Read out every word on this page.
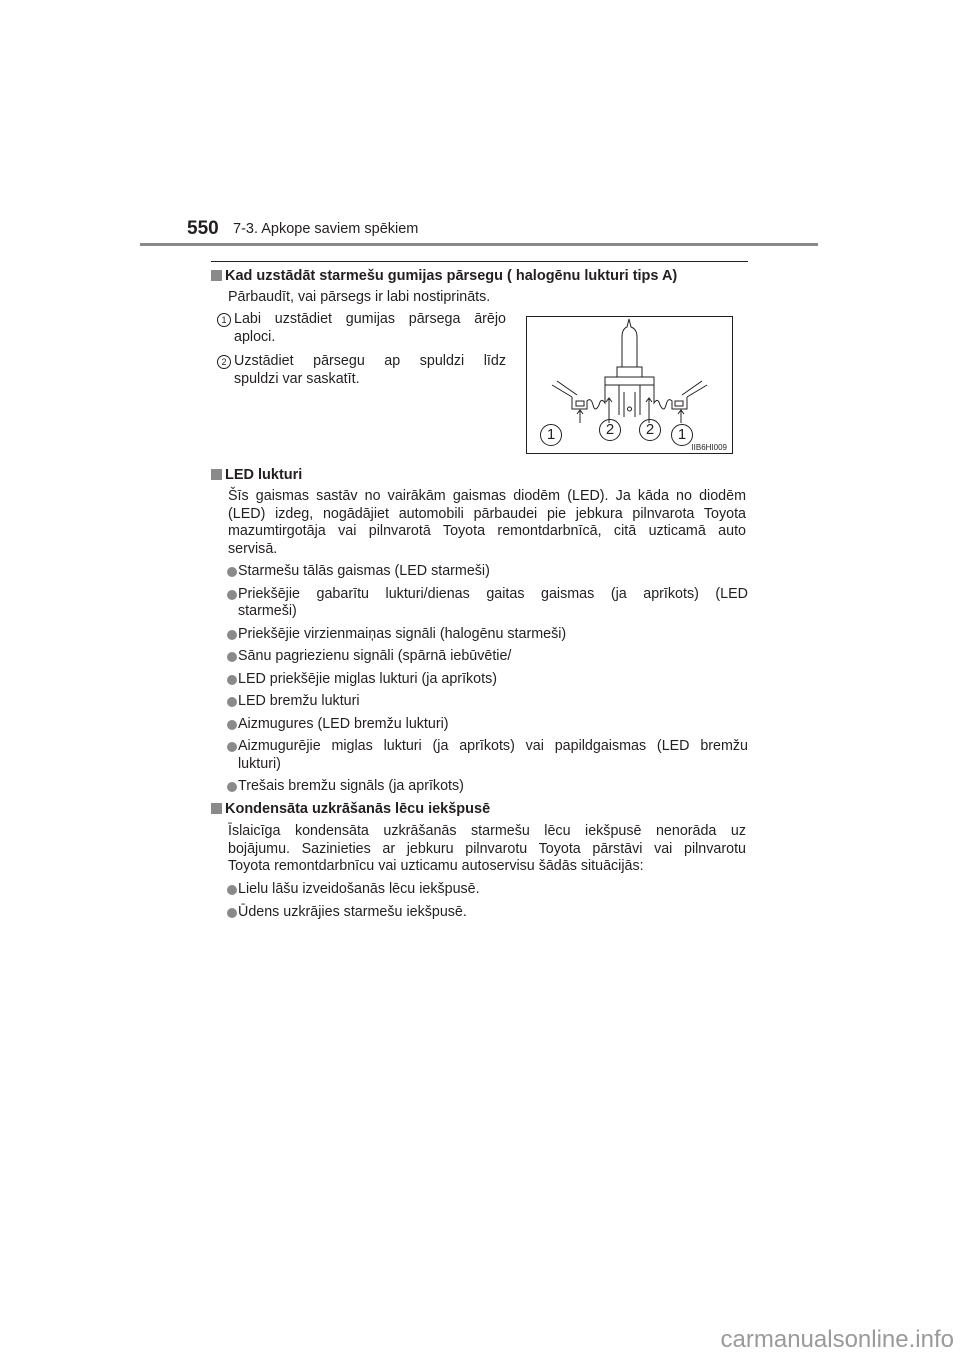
550 7-3. Apkope saviem spēkiem
Kad uzstādāt starmešu gumijas pārsegu ( halogēnu lukturi tips A)
Pārbaudīt, vai pārsegs ir labi nostiprināts.
1 Labi uzstādiet gumijas pārsega ārējo
aploci.
2 Uzstādiet pārsegu ap spuldzi līdz
spuldzi var saskatīt.
1	2	2	1
IIB6HI009
LED lukturi
Šīs gaismas sastāv no vairākām gaismas diodēm (LED). Ja kāda no diodēm
(LED) izdeg, nogādājiet automobili pārbaudei pie jebkura pilnvarota Toyota
mazumtirgotāja vai pilnvarotā Toyota remontdarbnīcā, citā uzticamā auto
servisā.
Starmešu tālās gaismas (LED starmeši)
Priekšējie gabarītu lukturi/dienas gaitas gaismas (ja aprīkots) (LED
starmeši)
Priekšējie virzienmaiņas signāli (halogēnu starmeši)
Sānu pagriezienu signāli (spārnā iebūvētie/
LED priekšējie miglas lukturi (ja aprīkots)
LED bremžu lukturi
Aizmugures (LED bremžu lukturi)
Aizmugurējie miglas lukturi (ja aprīkots) vai papildgaismas (LED bremžu
lukturi)
Trešais bremžu signāls (ja aprīkots)
Kondensāta uzkrāšanās lēcu iekšpusē
Īslaicīga kondensāta uzkrāšanās starmešu lēcu iekšpusē nenorāda uz
bojājumu. Sazinieties ar jebkuru pilnvarotu Toyota pārstāvi vai pilnvarotu
Toyota remontdarbnīcu vai uzticamu autoservisu šādās situācijās:
Lielu lāšu izveidošanās lēcu iekšpusē.
Ūdens uzkrājies starmešu iekšpusē.
carmanualsonline.info
